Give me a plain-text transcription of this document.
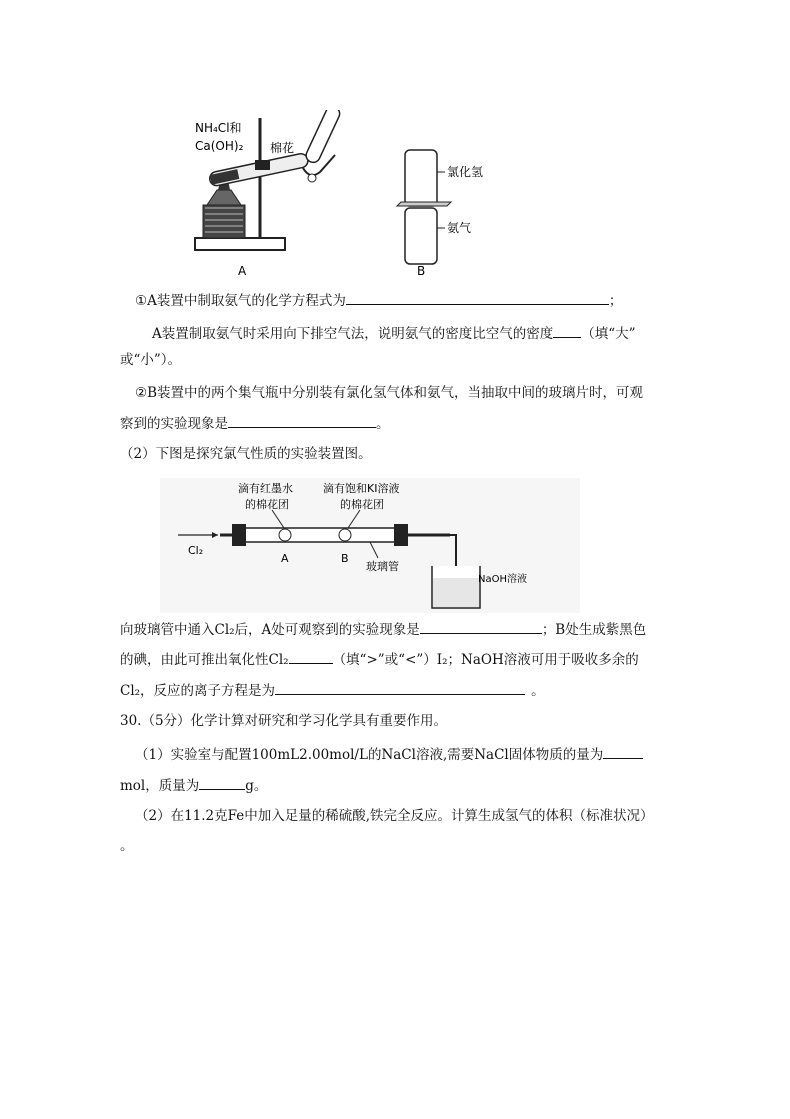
NH₄Cl和
Ca(OH)₂ 棉花
A
氯化氢
氨气
B
①A装置中制取氨气的化学方程式为	；
A装置制取氨气时采用向下排空气法，说明氨气的密度比空气的密度 （填“大”
或“小”）。
②B装置中的两个集气瓶中分别装有氯化氢气体和氨气，当抽取中间的玻璃片时，可观
察到的实验现象是	。
（2）下图是探究氯气性质的实验装置图。
Cl₂
A	B
滴有红墨水
的棉花团
滴有饱和KI溶液
的棉花团
玻璃管
NaOH溶液
向玻璃管中通入Cl₂后，A处可观察到的实验现象是	；B处生成紫黑色
的碘，由此可推出氧化性Cl₂	（填“>”或“<”）I₂；NaOH溶液可用于吸收多余的
Cl₂，反应的离子方程是为	。
30.（5分）化学计算对研究和学习化学具有重要作用。
（1）实验室与配置100mL2.00mol/L的NaCl溶液,需要NaCl固体物质的量为
mol，质量为	g。
（2）在11.2克Fe中加入足量的稀硫酸,铁完全反应。计算生成氢气的体积（标准状况）
。
